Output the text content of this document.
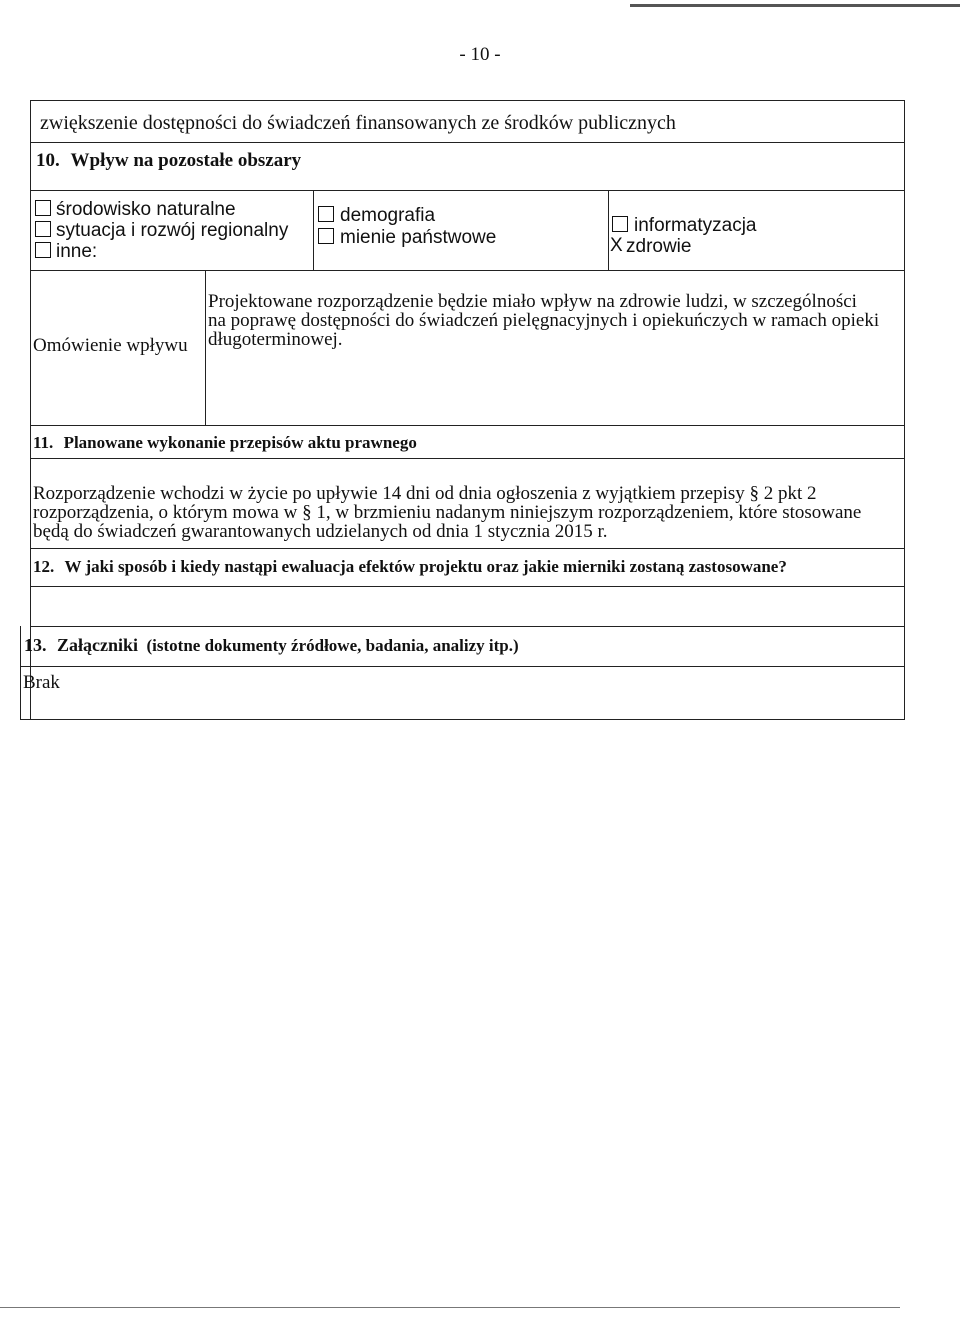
- 10 -
zwiększenie dostępności do świadczeń finansowanych ze środków publicznych
10. Wpływ na pozostałe obszary
środowisko naturalne
sytuacja i rozwój regionalny
inne:
demografia
mienie państwowe
informatyzacja
X zdrowie
Omówienie wpływu
Projektowane rozporządzenie będzie miało wpływ na zdrowie ludzi, w szczególności
na poprawę dostępności do świadczeń pielęgnacyjnych i opiekuńczych w ramach opieki
długoterminowej.
11. Planowane wykonanie przepisów aktu prawnego
Rozporządzenie wchodzi w życie po upływie 14 dni od dnia ogłoszenia z wyjątkiem przepisy § 2 pkt 2
rozporządzenia, o którym mowa w § 1, w brzmieniu nadanym niniejszym rozporządzeniem, które stosowane
będą do świadczeń gwarantowanych udzielanych od dnia 1 stycznia 2015 r.
12. W jaki sposób i kiedy nastąpi ewaluacja efektów projektu oraz jakie mierniki zostaną zastosowane?
13. Załączniki (istotne dokumenty źródłowe, badania, analizy itp.)
Brak
